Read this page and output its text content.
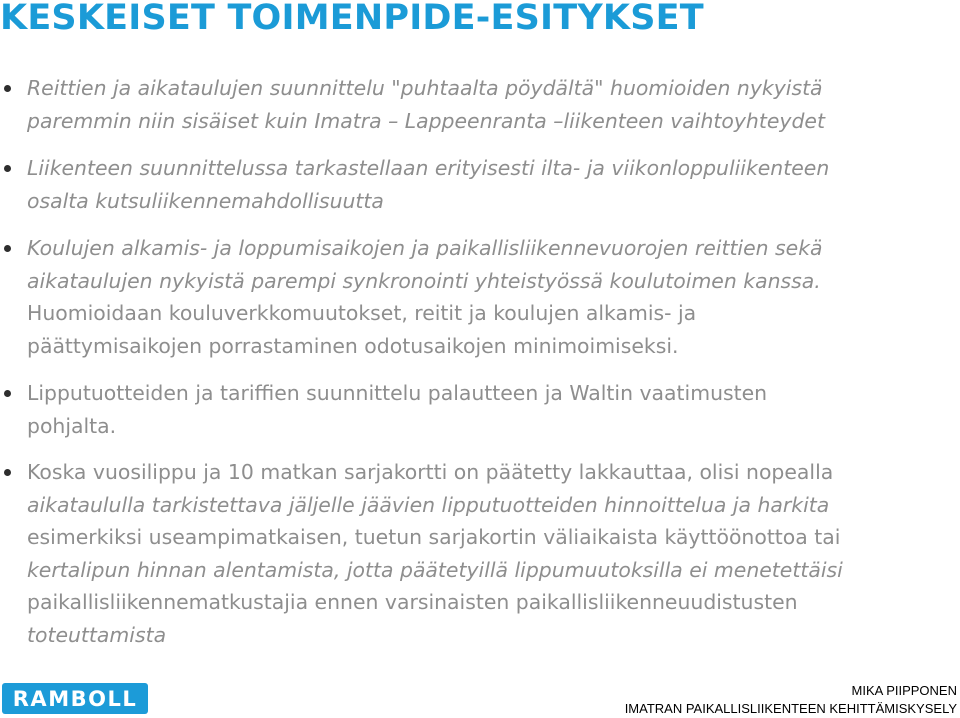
KESKEISET TOIMENPIDE-ESITYKSET
Reittien ja aikataulujen suunnittelu "puhtaalta pöydältä" huomioiden nykyistä
paremmin niin sisäiset kuin Imatra – Lappeenranta –liikenteen vaihtoyhteydet
Liikenteen suunnittelussa tarkastellaan erityisesti ilta- ja viikonloppuliikenteen
osalta kutsuliikennemahdollisuutta
Koulujen alkamis- ja loppumisaikojen ja paikallisliikennevuorojen reittien sekä
aikataulujen nykyistä parempi synkronointi yhteistyössä koulutoimen kanssa.
Huomioidaan kouluverkkomuutokset, reitit ja koulujen alkamis- ja
päättymisaikojen porrastaminen odotusaikojen minimoimiseksi.
Lipputuotteiden ja tariffien suunnittelu palautteen ja Waltin vaatimusten
pohjalta.
Koska vuosilippu ja 10 matkan sarjakortti on päätetty lakkauttaa, olisi nopealla
aikataululla tarkistettava jäljelle jäävien lipputuotteiden hinnoittelua ja harkita
esimerkiksi useampimatkaisen, tuetun sarjakortin väliaikaista käyttöönottoa tai
kertalipun hinnan alentamista, jotta päätetyillä lippumuutoksilla ei menetettäisi
paikallisliikennematkustajia ennen varsinaisten paikallisliikenneuudistusten
toteuttamista
RAMBOLL	MIKA PIIPPONEN
IMATRAN PAIKALLISLIIKENTEEN KEHITTÄMISKYSELY
